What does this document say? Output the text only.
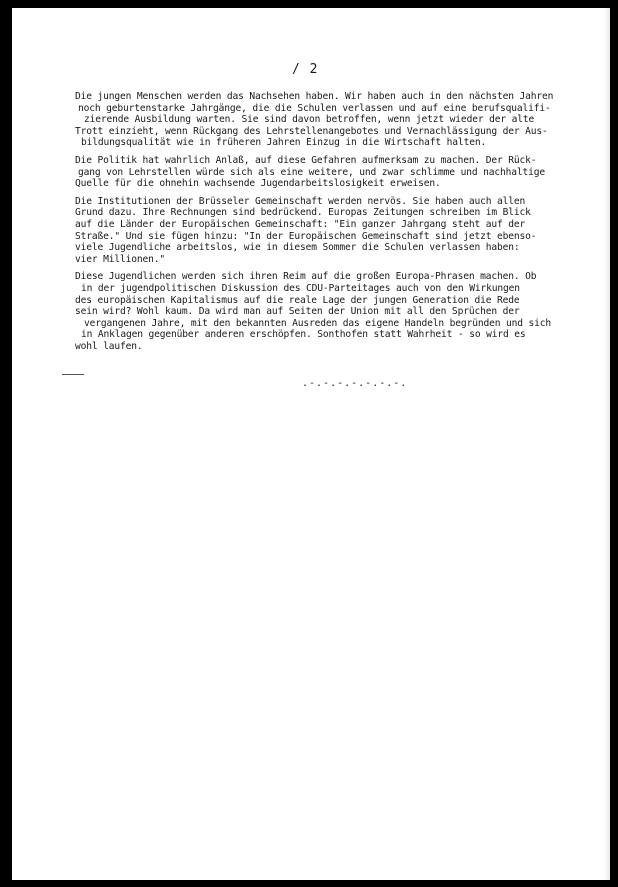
/ 2
Die jungen Menschen werden das Nachsehen haben. Wir haben auch in den nächsten Jahren
noch geburtenstarke Jahrgänge, die die Schulen verlassen und auf eine berufsqualifi-
zierende Ausbildung warten. Sie sind davon betroffen, wenn jetzt wieder der alte
Trott einzieht, wenn Rückgang des Lehrstellenangebotes und Vernachlässigung der Aus-
bildungsqualität wie in früheren Jahren Einzug in die Wirtschaft halten.
Die Politik hat wahrlich Anlaß, auf diese Gefahren aufmerksam zu machen. Der Rück-
gang von Lehrstellen würde sich als eine weitere, und zwar schlimme und nachhaltige
Quelle für die ohnehin wachsende Jugendarbeitslosigkeit erweisen.
Die Institutionen der Brüsseler Gemeinschaft werden nervös. Sie haben auch allen
Grund dazu. Ihre Rechnungen sind bedrückend. Europas Zeitungen schreiben im Blick
auf die Länder der Europäischen Gemeinschaft: "Ein ganzer Jahrgang steht auf der
Straße." Und sie fügen hinzu: "In der Europäischen Gemeinschaft sind jetzt ebenso-
viele Jugendliche arbeitslos, wie in diesem Sommer die Schulen verlassen haben:
vier Millionen."
Diese Jugendlichen werden sich ihren Reim auf die großen Europa-Phrasen machen. Ob
in der jugendpolitischen Diskussion des CDU-Parteitages auch von den Wirkungen
des europäischen Kapitalismus auf die reale Lage der jungen Generation die Rede
sein wird? Wohl kaum. Da wird man auf Seiten der Union mit all den Sprüchen der
vergangenen Jahre, mit den bekannten Ausreden das eigene Handeln begründen und sich
in Anklagen gegenüber anderen erschöpfen. Sonthofen statt Wahrheit - so wird es
wohl laufen.
.-.-.-.-.-.-.-.
